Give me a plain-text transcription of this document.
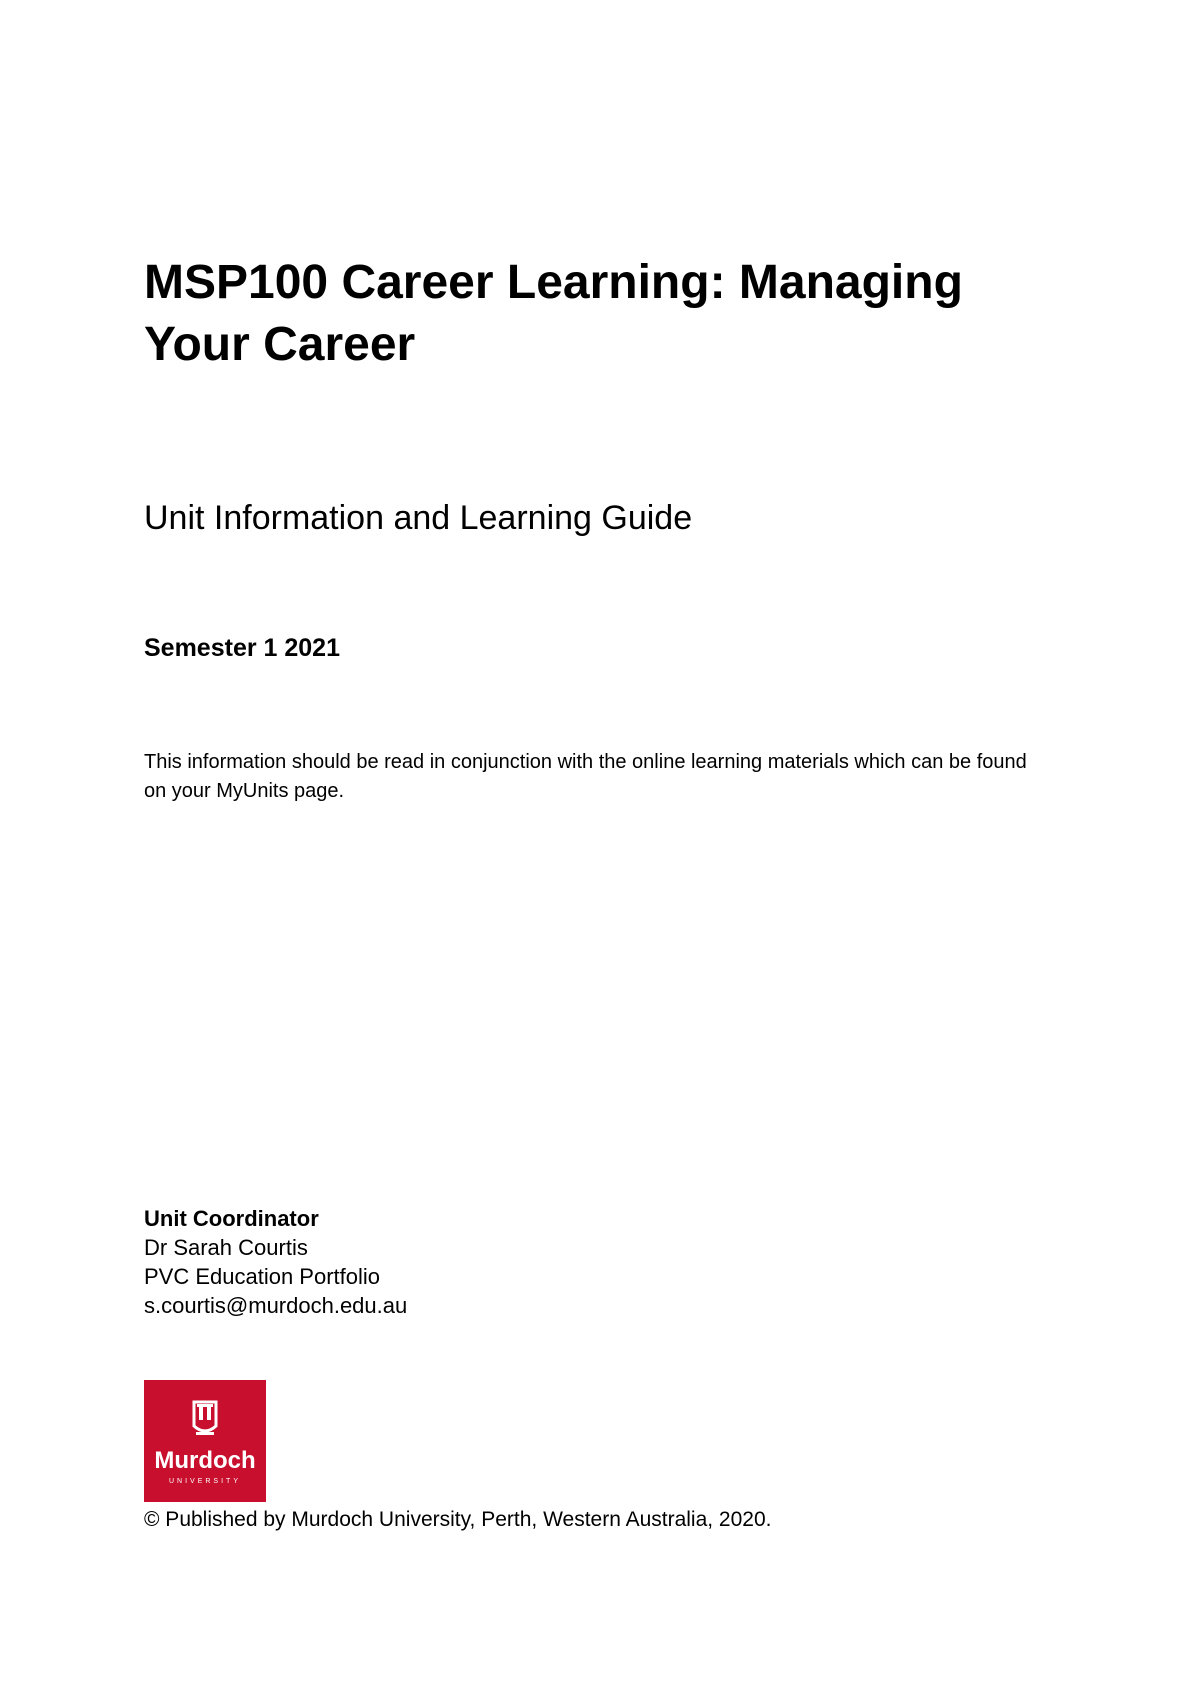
MSP100 Career Learning: Managing Your Career
Unit Information and Learning Guide

Semester 1 2021

This information should be read in conjunction with the online learning materials which can be found on your MyUnits page.

Unit Coordinator
Dr Sarah Courtis
PVC Education Portfolio
s.courtis@murdoch.edu.au
Murdoch
UNIVERSITY

© Published by Murdoch University, Perth, Western Australia, 2020.
